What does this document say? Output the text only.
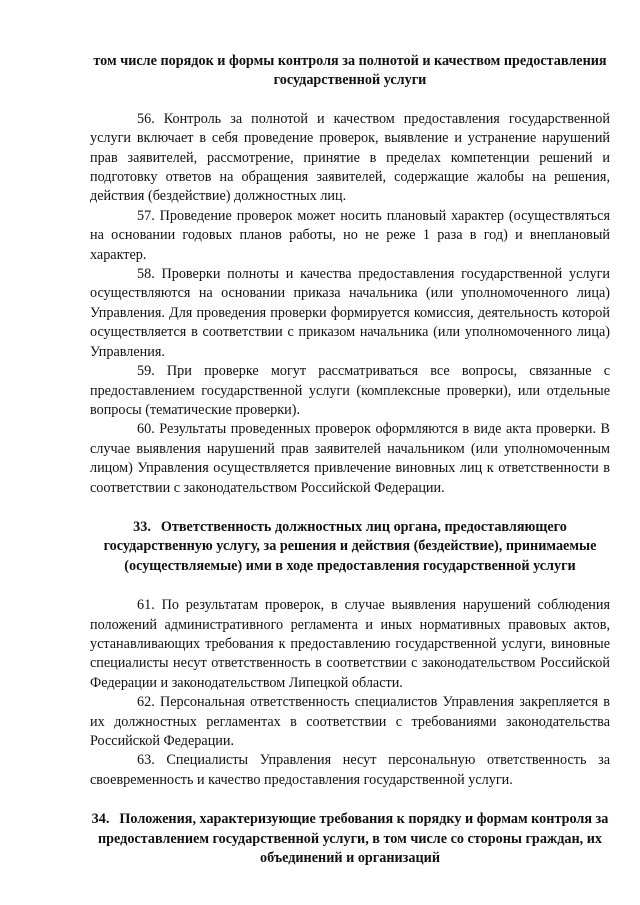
том числе порядок и формы контроля за полнотой и качеством предоставления государственной услуги

56. Контроль за полнотой и качеством предоставления государственной услуги включает в себя проведение проверок, выявление и устранение нарушений прав заявителей, рассмотрение, принятие в пределах компетенции решений и подготовку ответов на обращения заявителей, содержащие жалобы на решения, действия (бездействие) должностных лиц.

57. Проведение проверок может носить плановый характер (осуществляться на основании годовых планов работы, но не реже 1 раза в год) и внеплановый характер.

58. Проверки полноты и качества предоставления государственной услуги осуществляются на основании приказа начальника (или уполномоченного лица) Управления. Для проведения проверки формируется комиссия, деятельность которой осуществляется в соответствии с приказом начальника (или уполномоченного лица) Управления.

59. При проверке могут рассматриваться все вопросы, связанные с предоставлением государственной услуги (комплексные проверки), или отдельные вопросы (тематические проверки).

60. Результаты проведенных проверок оформляются в виде акта проверки. В случае выявления нарушений прав заявителей начальником (или уполномоченным лицом) Управления осуществляется привлечение виновных лиц к ответственности в соответствии с законодательством Российской Федерации.

33. Ответственность должностных лиц органа, предоставляющего государственную услугу, за решения и действия (бездействие), принимаемые (осуществляемые) ими в ходе предоставления государственной услуги

61. По результатам проверок, в случае выявления нарушений соблюдения положений административного регламента и иных нормативных правовых актов, устанавливающих требования к предоставлению государственной услуги, виновные специалисты несут ответственность в соответствии с законодательством Российской Федерации и законодательством Липецкой области.

62. Персональная ответственность специалистов Управления закрепляется в их должностных регламентах в соответствии с требованиями законодательства Российской Федерации.

63. Специалисты Управления несут персональную ответственность за своевременность и качество предоставления государственной услуги.

34. Положения, характеризующие требования к порядку и формам контроля за предоставлением государственной услуги, в том числе со стороны граждан, их объединений и организаций
